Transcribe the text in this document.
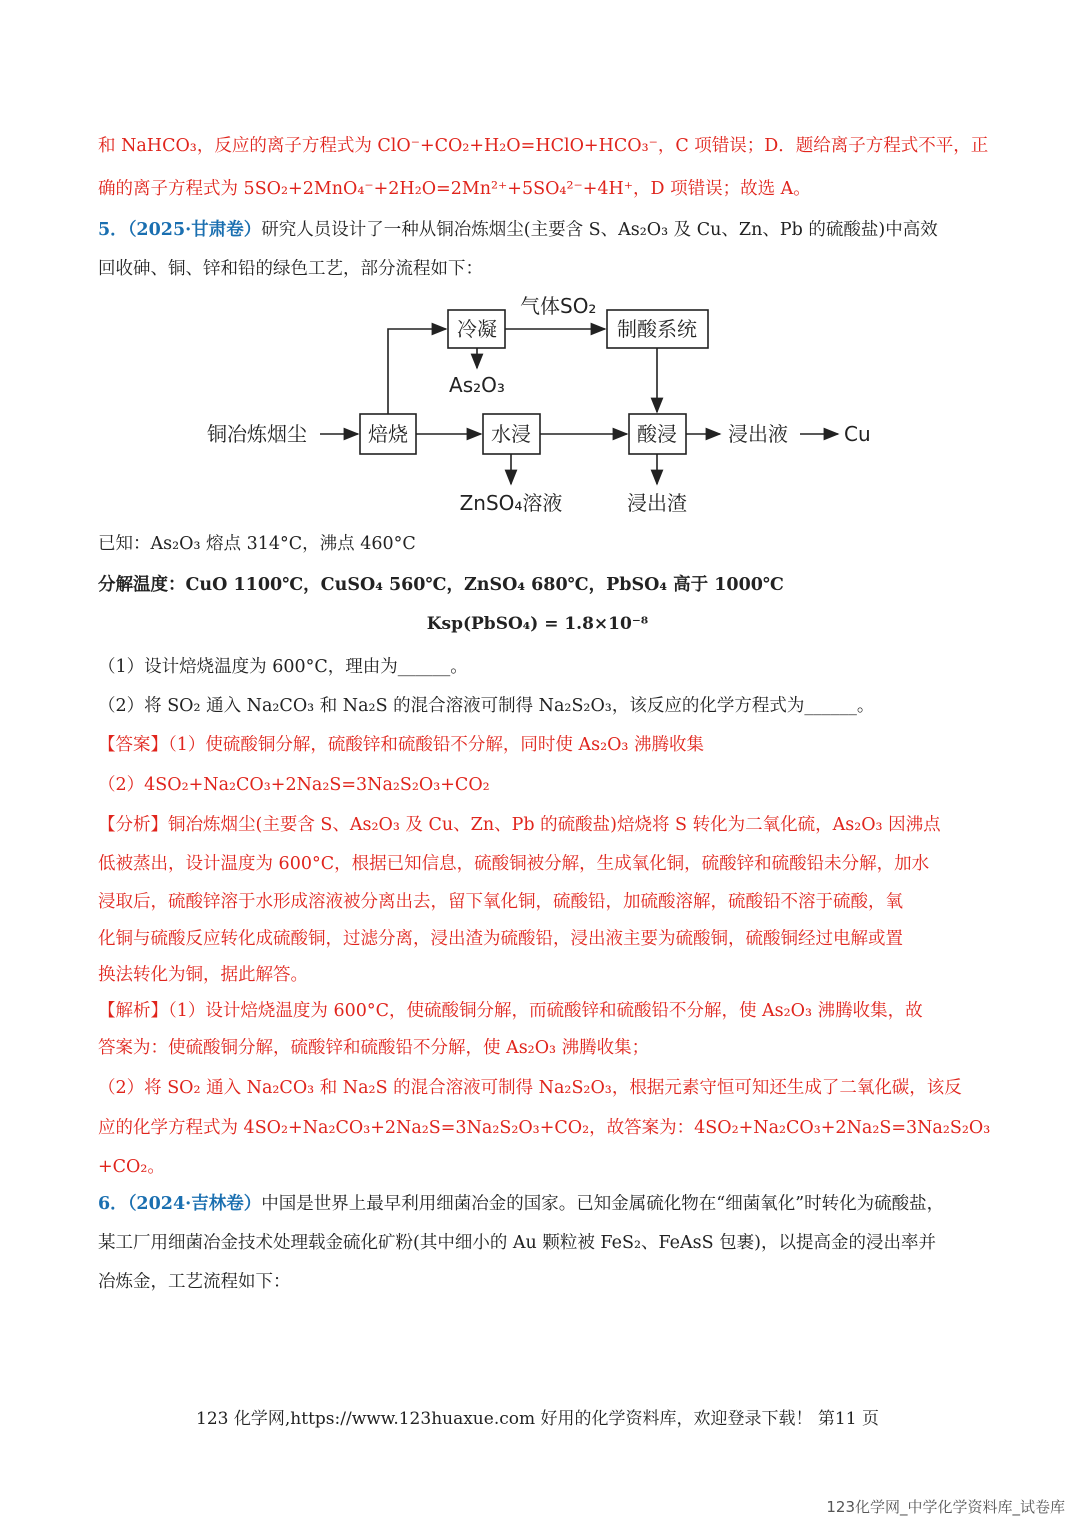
和 NaHCO₃，反应的离子方程式为 ClO⁻+CO₂+H₂O=HClO+HCO₃⁻，C 项错误；D．题给离子方程式不平，正
确的离子方程式为 5SO₂+2MnO₄⁻+2H₂O=2Mn²⁺+5SO₄²⁻+4H⁺，D 项错误；故选 A。
5．（2025·甘肃卷）研究人员设计了一种从铜冶炼烟尘(主要含 S、As₂O₃ 及 Cu、Zn、Pb 的硫酸盐)中高效
回收砷、铜、锌和铅的绿色工艺，部分流程如下：
铜冶炼烟尘	焙烧
冷凝
气体SO₂
制酸系统
As₂O₃
水浸
ZnSO₄溶液
酸浸
浸出渣
浸出液	Cu
已知：As₂O₃ 熔点 314°C，沸点 460°C
分解温度：CuO 1100℃，CuSO₄ 560℃，ZnSO₄ 680℃，PbSO₄ 高于 1000℃
Ksp(PbSO₄) = 1.8×10⁻⁸
（1）设计焙烧温度为 600°C，理由为______。
（2）将 SO₂ 通入 Na₂CO₃ 和 Na₂S 的混合溶液可制得 Na₂S₂O₃，该反应的化学方程式为______。
【答案】（1）使硫酸铜分解，硫酸锌和硫酸铅不分解，同时使 As₂O₃ 沸腾收集
（2）4SO₂+Na₂CO₃+2Na₂S=3Na₂S₂O₃+CO₂
【分析】铜冶炼烟尘(主要含 S、As₂O₃ 及 Cu、Zn、Pb 的硫酸盐)焙烧将 S 转化为二氧化硫，As₂O₃ 因沸点
低被蒸出，设计温度为 600°C，根据已知信息，硫酸铜被分解，生成氧化铜，硫酸锌和硫酸铅未分解，加水
浸取后，硫酸锌溶于水形成溶液被分离出去，留下氧化铜，硫酸铅，加硫酸溶解，硫酸铅不溶于硫酸，氧
化铜与硫酸反应转化成硫酸铜，过滤分离，浸出渣为硫酸铅，浸出液主要为硫酸铜，硫酸铜经过电解或置
换法转化为铜，据此解答。
【解析】（1）设计焙烧温度为 600°C，使硫酸铜分解，而硫酸锌和硫酸铅不分解，使 As₂O₃ 沸腾收集，故
答案为：使硫酸铜分解，硫酸锌和硫酸铅不分解，使 As₂O₃ 沸腾收集；
（2）将 SO₂ 通入 Na₂CO₃ 和 Na₂S 的混合溶液可制得 Na₂S₂O₃，根据元素守恒可知还生成了二氧化碳，该反
应的化学方程式为 4SO₂+Na₂CO₃+2Na₂S=3Na₂S₂O₃+CO₂，故答案为：4SO₂+Na₂CO₃+2Na₂S=3Na₂S₂O₃
+CO₂。
6．（2024·吉林卷）中国是世界上最早利用细菌冶金的国家。已知金属硫化物在“细菌氧化”时转化为硫酸盐，
某工厂用细菌冶金技术处理载金硫化矿粉(其中细小的 Au 颗粒被 FeS₂、FeAsS 包裹)，以提高金的浸出率并
冶炼金，工艺流程如下：
123 化学网,https://www.123huaxue.com 好用的化学资料库，欢迎登录下载！ 第11 页
123化学网_中学化学资料库_试卷库
